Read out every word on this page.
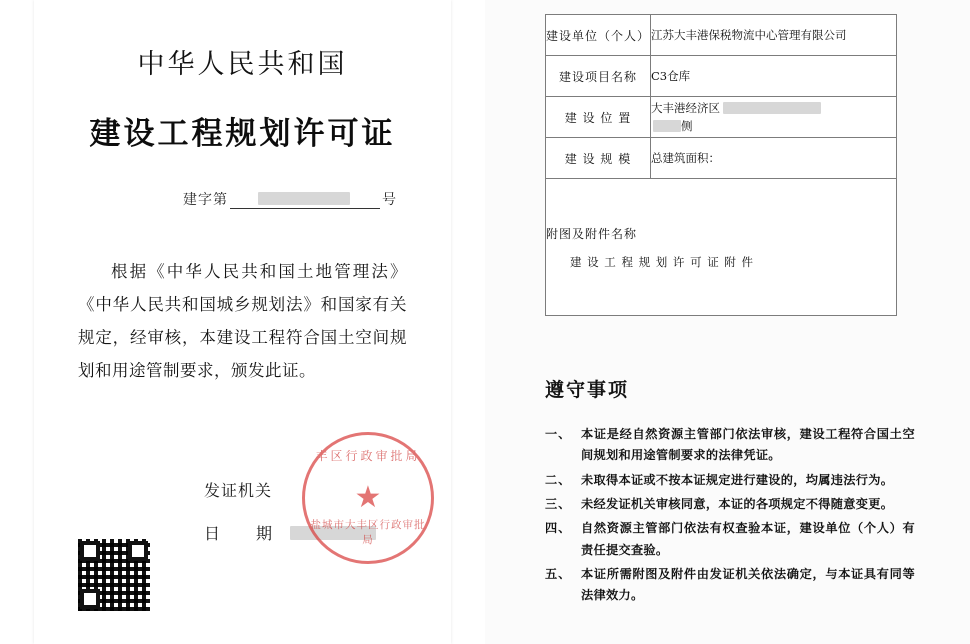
中华人民共和国
建设工程规划许可证
建字第	号

根据《中华人民共和国土地管理法》《中华人民共和国城乡规划法》和国家有关规定，经审核，本建设工程符合国土空间规划和用途管制要求，颁发此证。

发证机关
日　期
丰区行政审批局
★
盐城市大丰区行政审批局
建设单位（个人）	江苏大丰港保税物流中心管理有限公司
建设项目名称	C3仓库
建 设 位 置	大丰港经济区
侧
建 设 规 模	总建筑面积：

附图及附件名称
建 设 工 程 规 划 许 可 证 附 件	
遵守事项
一、 本证是经自然资源主管部门依法审核，建设工程符合国土空间规划和用途管制要求的法律凭证。
二、 未取得本证或不按本证规定进行建设的，均属违法行为。
三、 未经发证机关审核同意，本证的各项规定不得随意变更。
四、 自然资源主管部门依法有权查验本证，建设单位（个人）有责任提交查验。
五、 本证所需附图及附件由发证机关依法确定，与本证具有同等法律效力。
